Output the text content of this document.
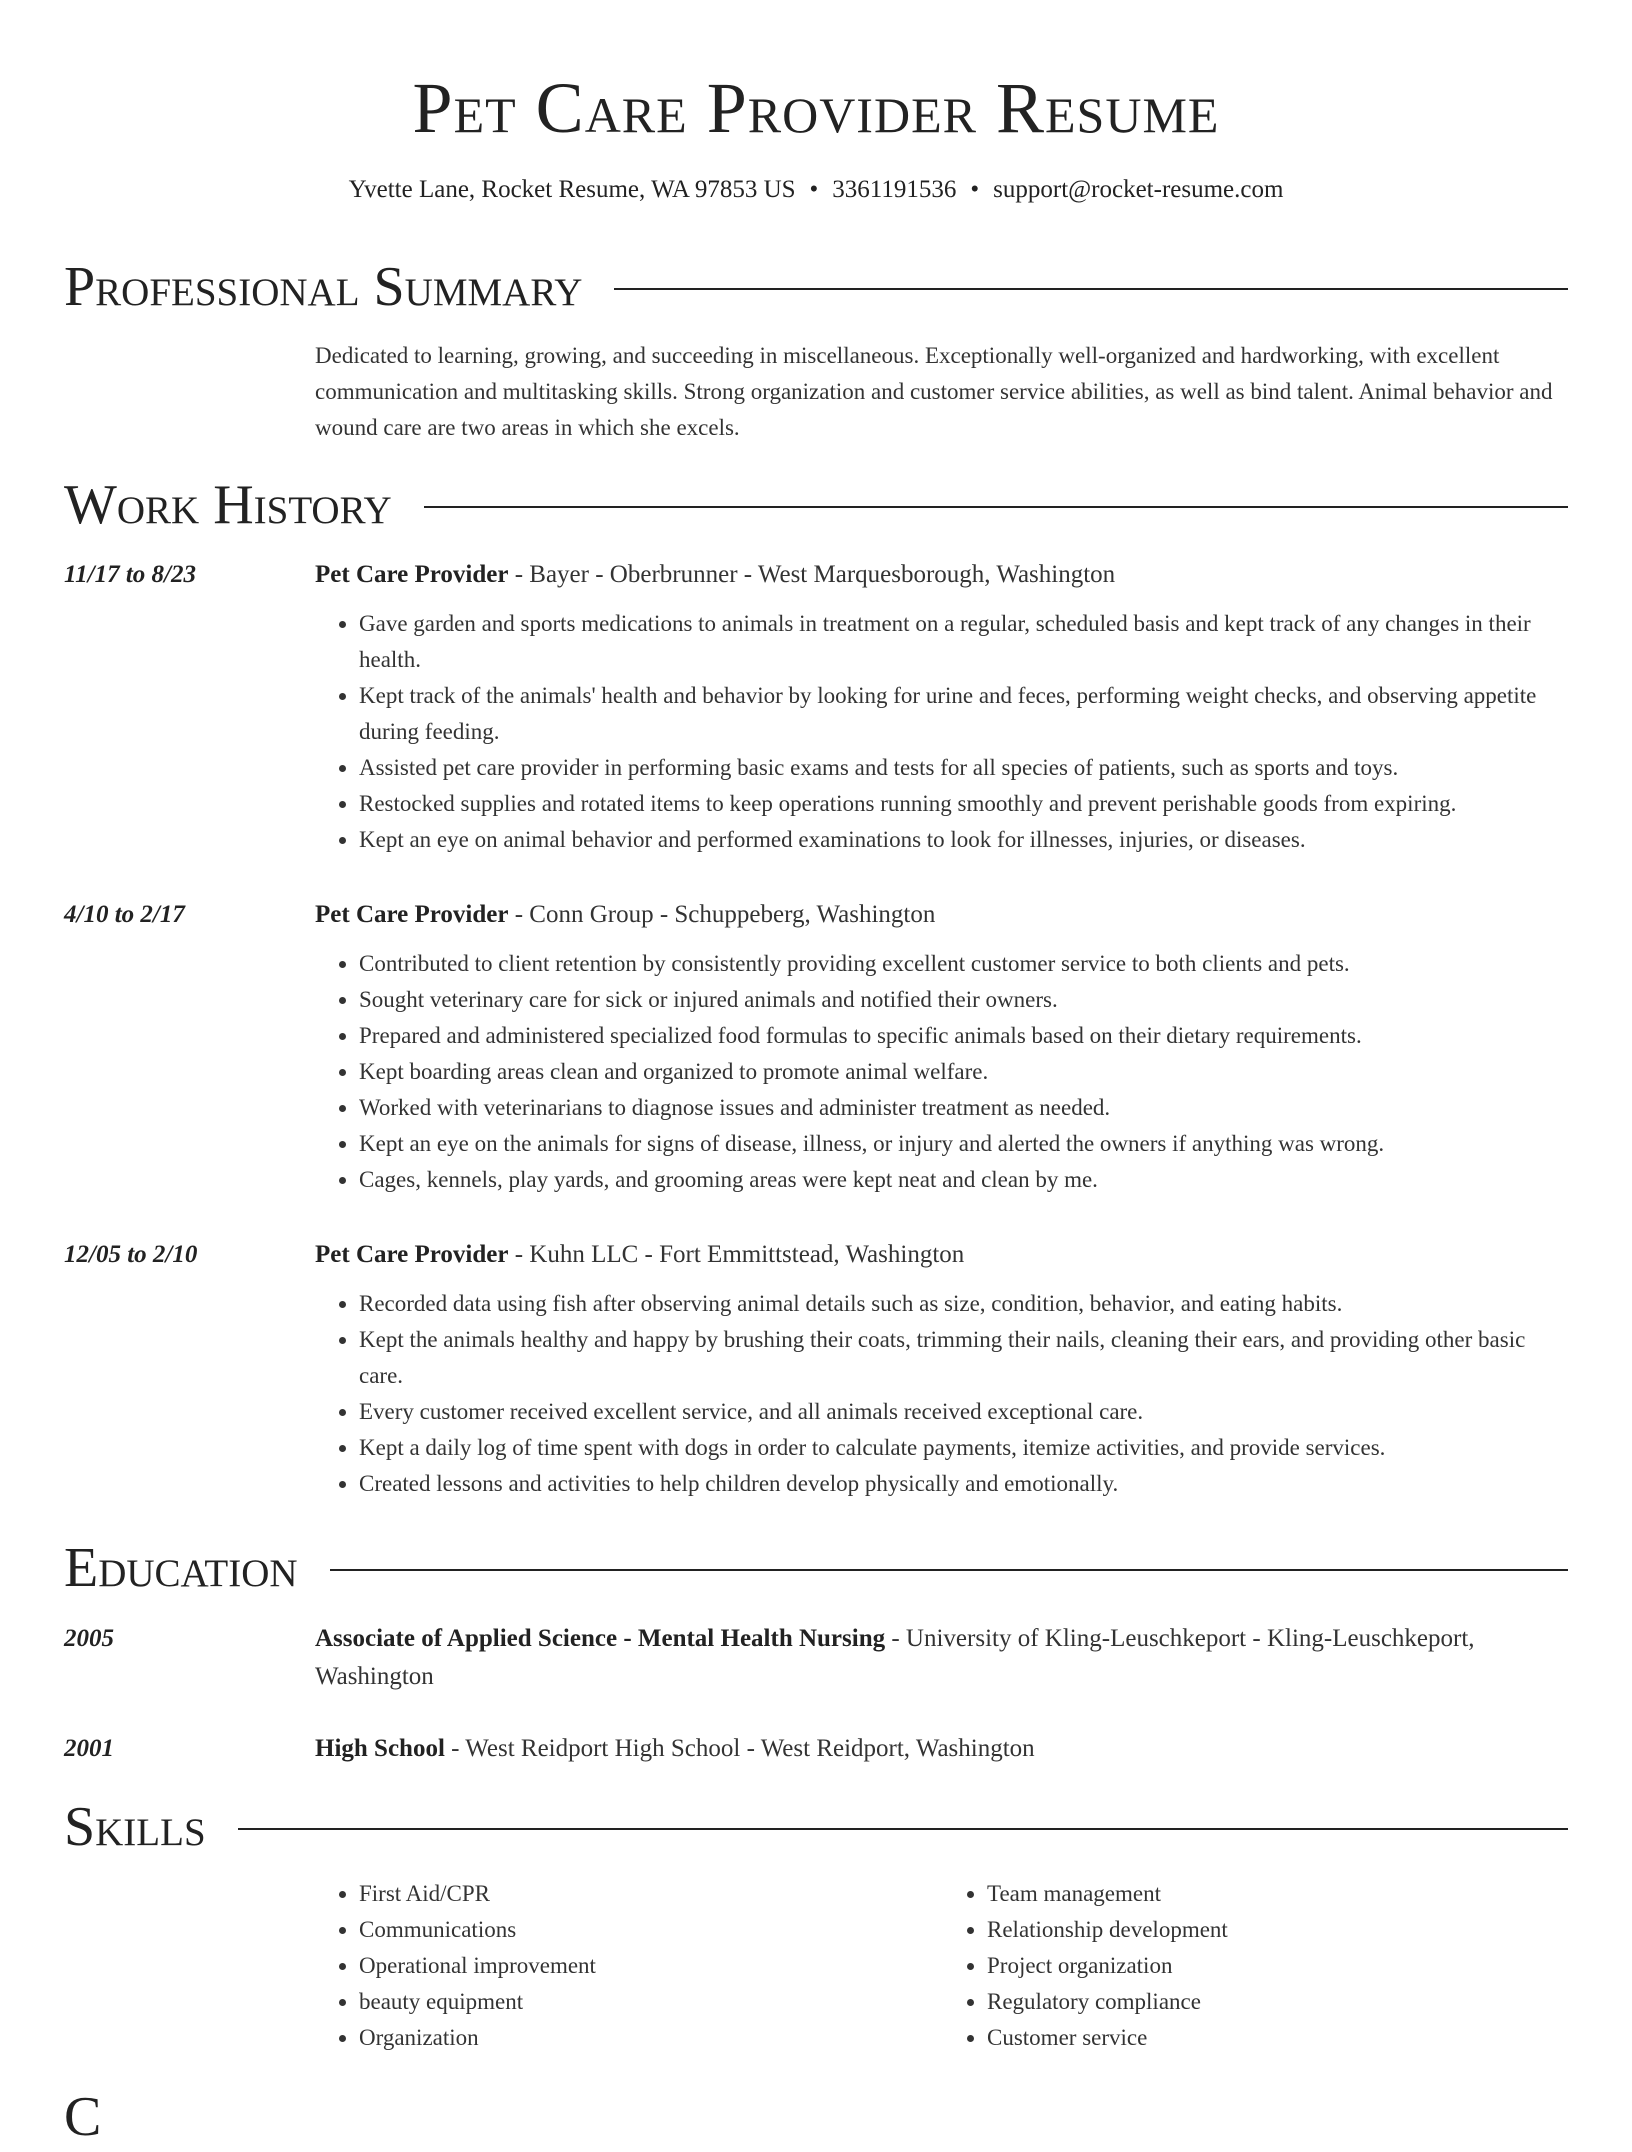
Pet Care Provider Resume
Yvette Lane, Rocket Resume, WA 97853 US • 3361191536 • support@rocket-resume.com
Professional Summary
Dedicated to learning, growing, and succeeding in miscellaneous. Exceptionally well-organized and hardworking, with excellent communication and multitasking skills. Strong organization and customer service abilities, as well as bind talent. Animal behavior and wound care are two areas in which she excels.
Work History
11/17 to 8/23	Pet Care Provider - Bayer - Oberbrunner - West Marquesborough, Washington
• Gave garden and sports medications to animals in treatment on a regular, scheduled basis and kept track of any changes in their health.
• Kept track of the animals' health and behavior by looking for urine and feces, performing weight checks, and observing appetite during feeding.
• Assisted pet care provider in performing basic exams and tests for all species of patients, such as sports and toys.
• Restocked supplies and rotated items to keep operations running smoothly and prevent perishable goods from expiring.
• Kept an eye on animal behavior and performed examinations to look for illnesses, injuries, or diseases.
4/10 to 2/17	Pet Care Provider - Conn Group - Schuppeberg, Washington
• Contributed to client retention by consistently providing excellent customer service to both clients and pets.
• Sought veterinary care for sick or injured animals and notified their owners.
• Prepared and administered specialized food formulas to specific animals based on their dietary requirements.
• Kept boarding areas clean and organized to promote animal welfare.
• Worked with veterinarians to diagnose issues and administer treatment as needed.
• Kept an eye on the animals for signs of disease, illness, or injury and alerted the owners if anything was wrong.
• Cages, kennels, play yards, and grooming areas were kept neat and clean by me.
12/05 to 2/10	Pet Care Provider - Kuhn LLC - Fort Emmittstead, Washington
• Recorded data using fish after observing animal details such as size, condition, behavior, and eating habits.
• Kept the animals healthy and happy by brushing their coats, trimming their nails, cleaning their ears, and providing other basic care.
• Every customer received excellent service, and all animals received exceptional care.
• Kept a daily log of time spent with dogs in order to calculate payments, itemize activities, and provide services.
• Created lessons and activities to help children develop physically and emotionally.
Education
2005	Associate of Applied Science - Mental Health Nursing - University of Kling-Leuschkeport - Kling-Leuschkeport, Washington
2001	High School - West Reidport High School - West Reidport, Washington
Skills
• First Aid/CPR
• Communications
• Operational improvement
• beauty equipment
• Organization
• Team management
• Relationship development
• Project organization
• Regulatory compliance
• Customer service
C
